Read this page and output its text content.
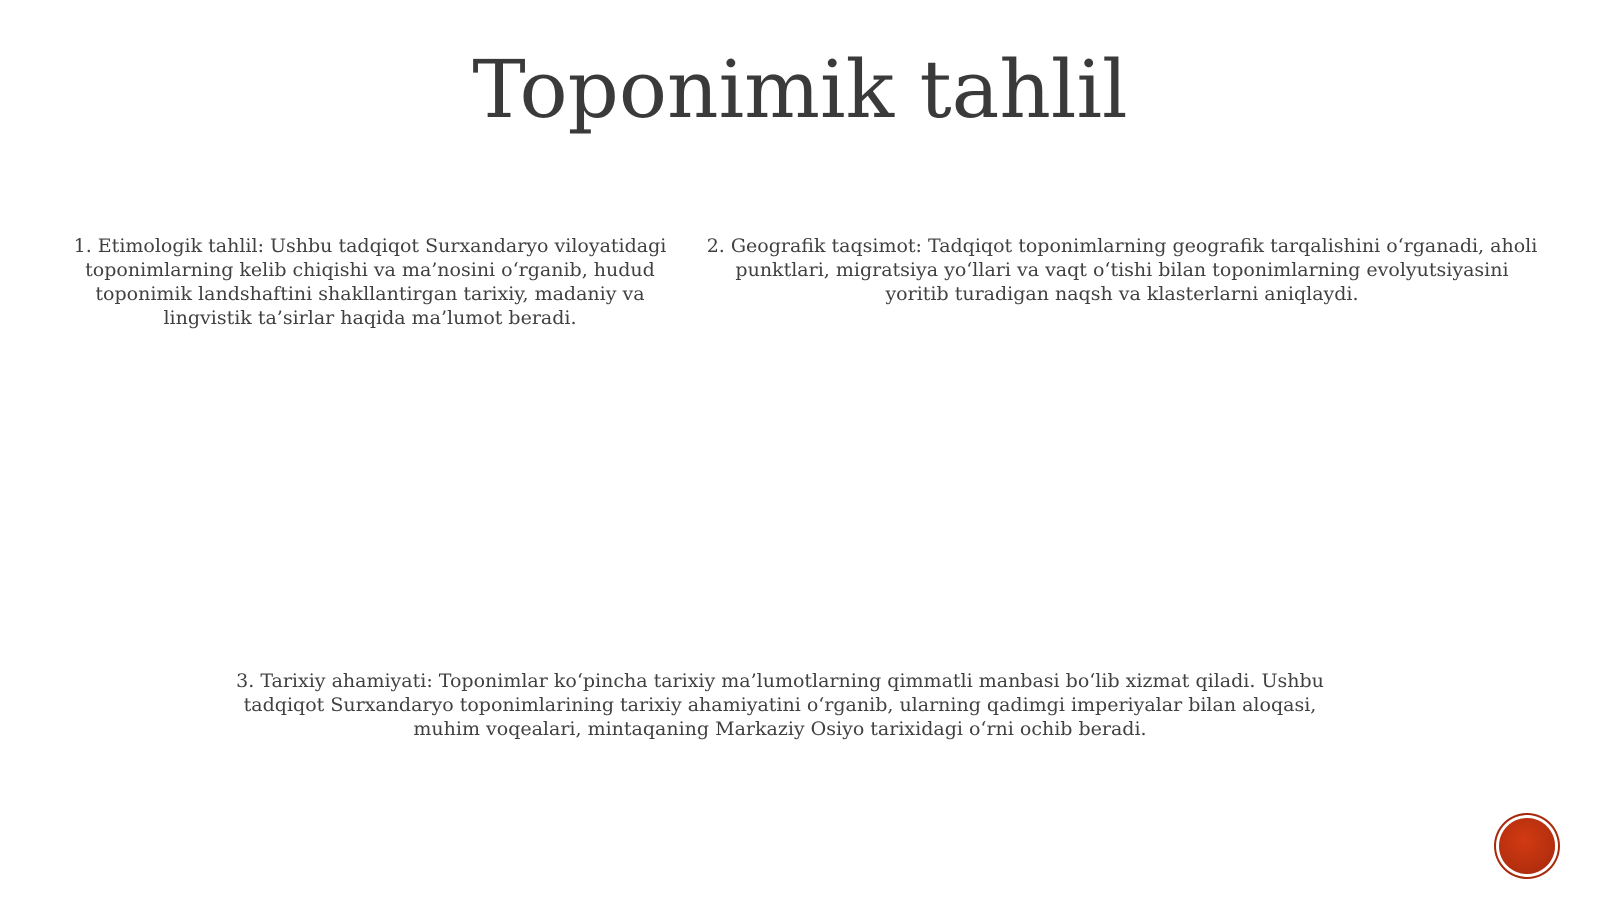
Toponimik tahlil
1. Etimologik tahlil: Ushbu tadqiqot Surxandaryo viloyatidagi toponimlarning kelib chiqishi va ma’nosini o‘rganib, hudud toponimik landshaftini shakllantirgan tarixiy, madaniy va lingvistik ta’sirlar haqida ma’lumot beradi.
2. Geografik taqsimot: Tadqiqot toponimlarning geografik tarqalishini o‘rganadi, aholi punktlari, migratsiya yo‘llari va vaqt o‘tishi bilan toponimlarning evolyutsiyasini yoritib turadigan naqsh va klasterlarni aniqlaydi.
3. Tarixiy ahamiyati: Toponimlar ko‘pincha tarixiy ma’lumotlarning qimmatli manbasi bo‘lib xizmat qiladi. Ushbu tadqiqot Surxandaryo toponimlarining tarixiy ahamiyatini o‘rganib, ularning qadimgi imperiyalar bilan aloqasi, muhim voqealari, mintaqaning Markaziy Osiyo tarixidagi o‘rni ochib beradi.
